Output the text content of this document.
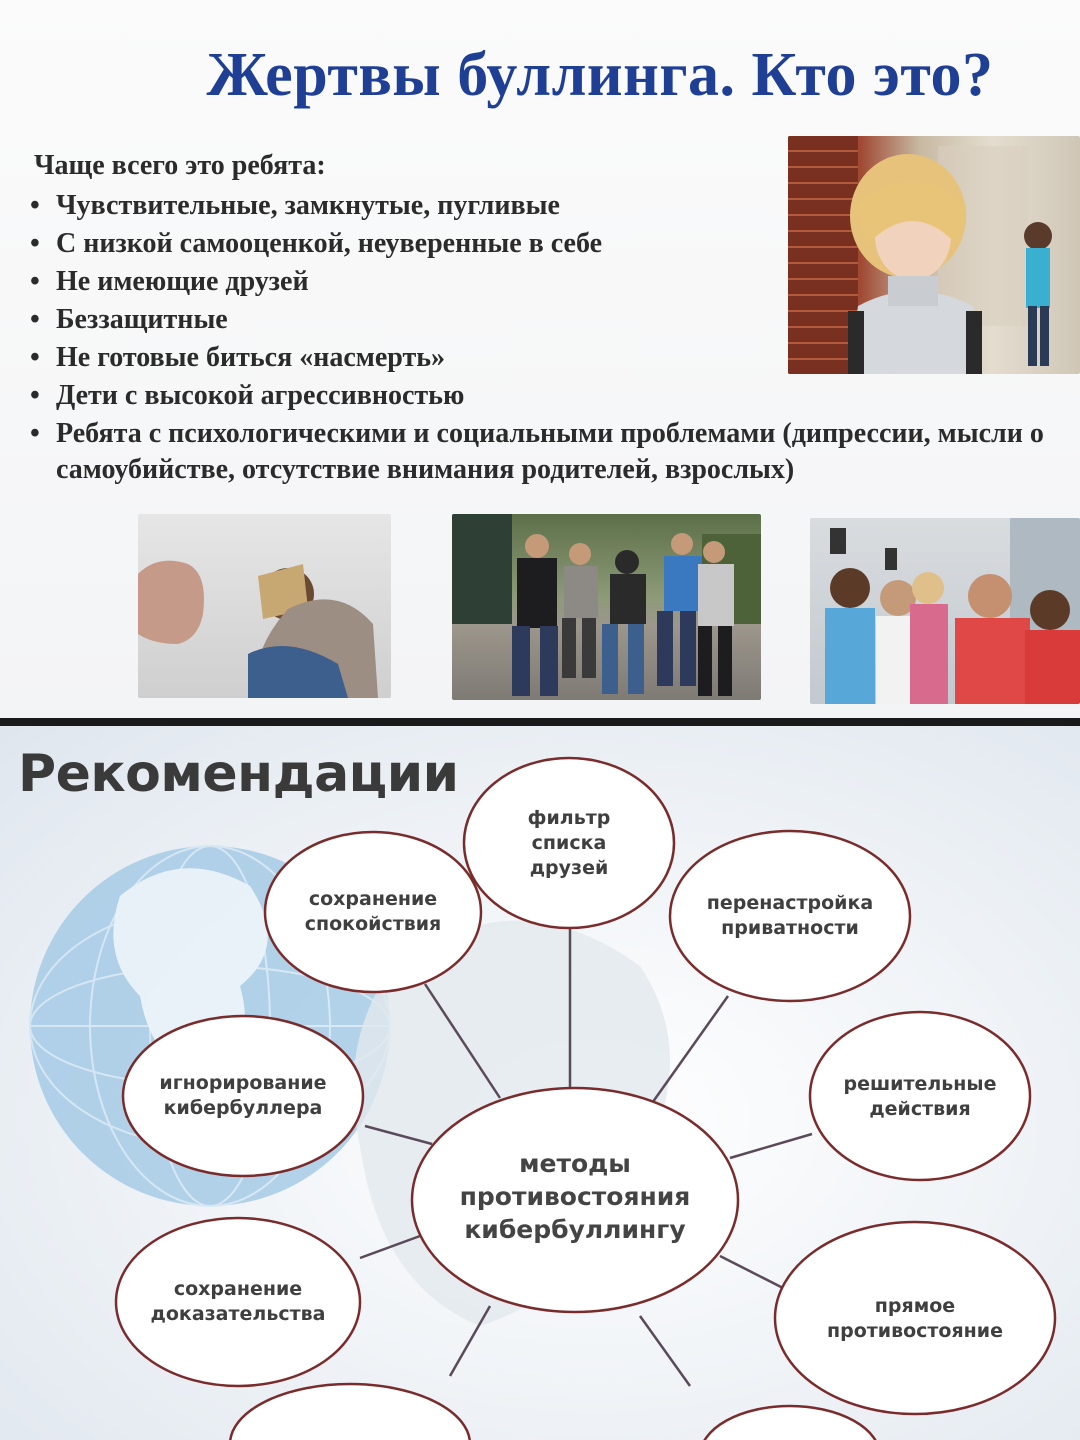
Жертвы буллинга. Кто это?
Чаще всего это ребята:
• Чувствительные, замкнутые, пугливые
• С низкой самооценкой, неуверенные в себе
• Не имеющие друзей
• Беззащитные
• Не готовые биться «насмерть»
• Дети с высокой агрессивностью
• Ребята с психологическими и социальными проблемами (дипрессии, мысли о самоубийстве, отсутствие внимания родителей, взрослых)
Рекомендации
фильтр списка друзей
сохранение спокойствия
перенастройка приватности
игнорирование кибербуллера
решительные действия
методы противостояния кибербуллингу
сохранение доказательства	прямое противостояние
